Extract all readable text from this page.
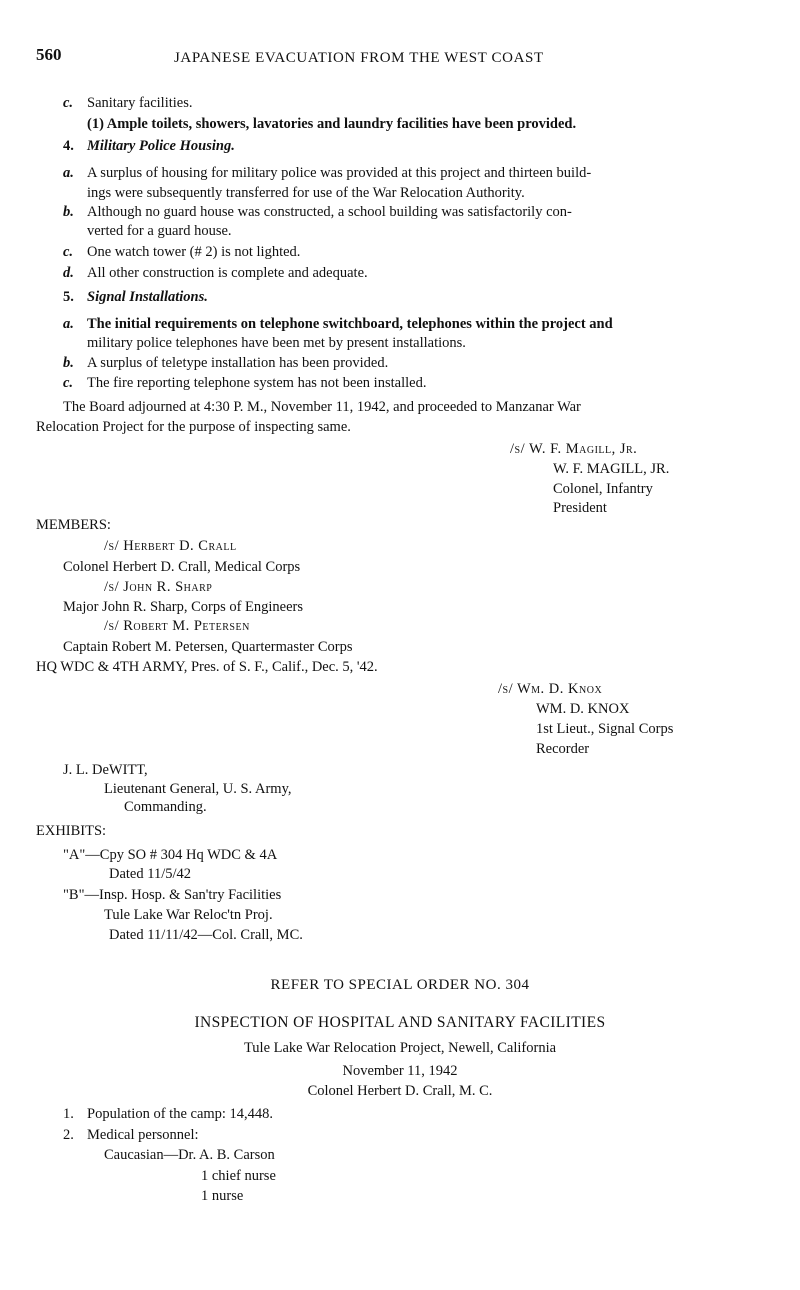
560	JAPANESE EVACUATION FROM THE WEST COAST
c. Sanitary facilities.
(1) Ample toilets, showers, lavatories and laundry facilities have been provided.
4. Military Police Housing.
a. A surplus of housing for military police was provided at this project and thirteen build-
ings were subsequently transferred for use of the War Relocation Authority.
b. Although no guard house was constructed, a school building was satisfactorily con-
verted for a guard house.
c. One watch tower (# 2) is not lighted.
d. All other construction is complete and adequate.
5. Signal Installations.
a. The initial requirements on telephone switchboard, telephones within the project and
military police telephones have been met by present installations.
b. A surplus of teletype installation has been provided.
c. The fire reporting telephone system has not been installed.
The Board adjourned at 4:30 P. M., November 11, 1942, and proceeded to Manzanar War
Relocation Project for the purpose of inspecting same.
/s/ W. F. Magill, Jr.
W. F. MAGILL, JR.
Colonel, Infantry
President
MEMBERS:
/s/ Herbert D. Crall
Colonel Herbert D. Crall, Medical Corps
/s/ John R. Sharp
Major John R. Sharp, Corps of Engineers
/s/ Robert M. Petersen
Captain Robert M. Petersen, Quartermaster Corps
HQ WDC & 4TH ARMY, Pres. of S. F., Calif., Dec. 5, '42.
/s/ Wm. D. Knox
WM. D. KNOX
1st Lieut., Signal Corps
Recorder
J. L. DeWITT,
Lieutenant General, U. S. Army,
Commanding.
EXHIBITS:
"A"—Cpy SO # 304 Hq WDC & 4A
Dated 11/5/42
"B"—Insp. Hosp. & San'try Facilities
Tule Lake War Reloc'tn Proj.
Dated 11/11/42—Col. Crall, MC.
REFER TO SPECIAL ORDER NO. 304
INSPECTION OF HOSPITAL AND SANITARY FACILITIES
Tule Lake War Relocation Project, Newell, California
November 11, 1942
Colonel Herbert D. Crall, M. C.
1. Population of the camp: 14,448.
2. Medical personnel:
Caucasian—Dr. A. B. Carson
1 chief nurse
1 nurse
